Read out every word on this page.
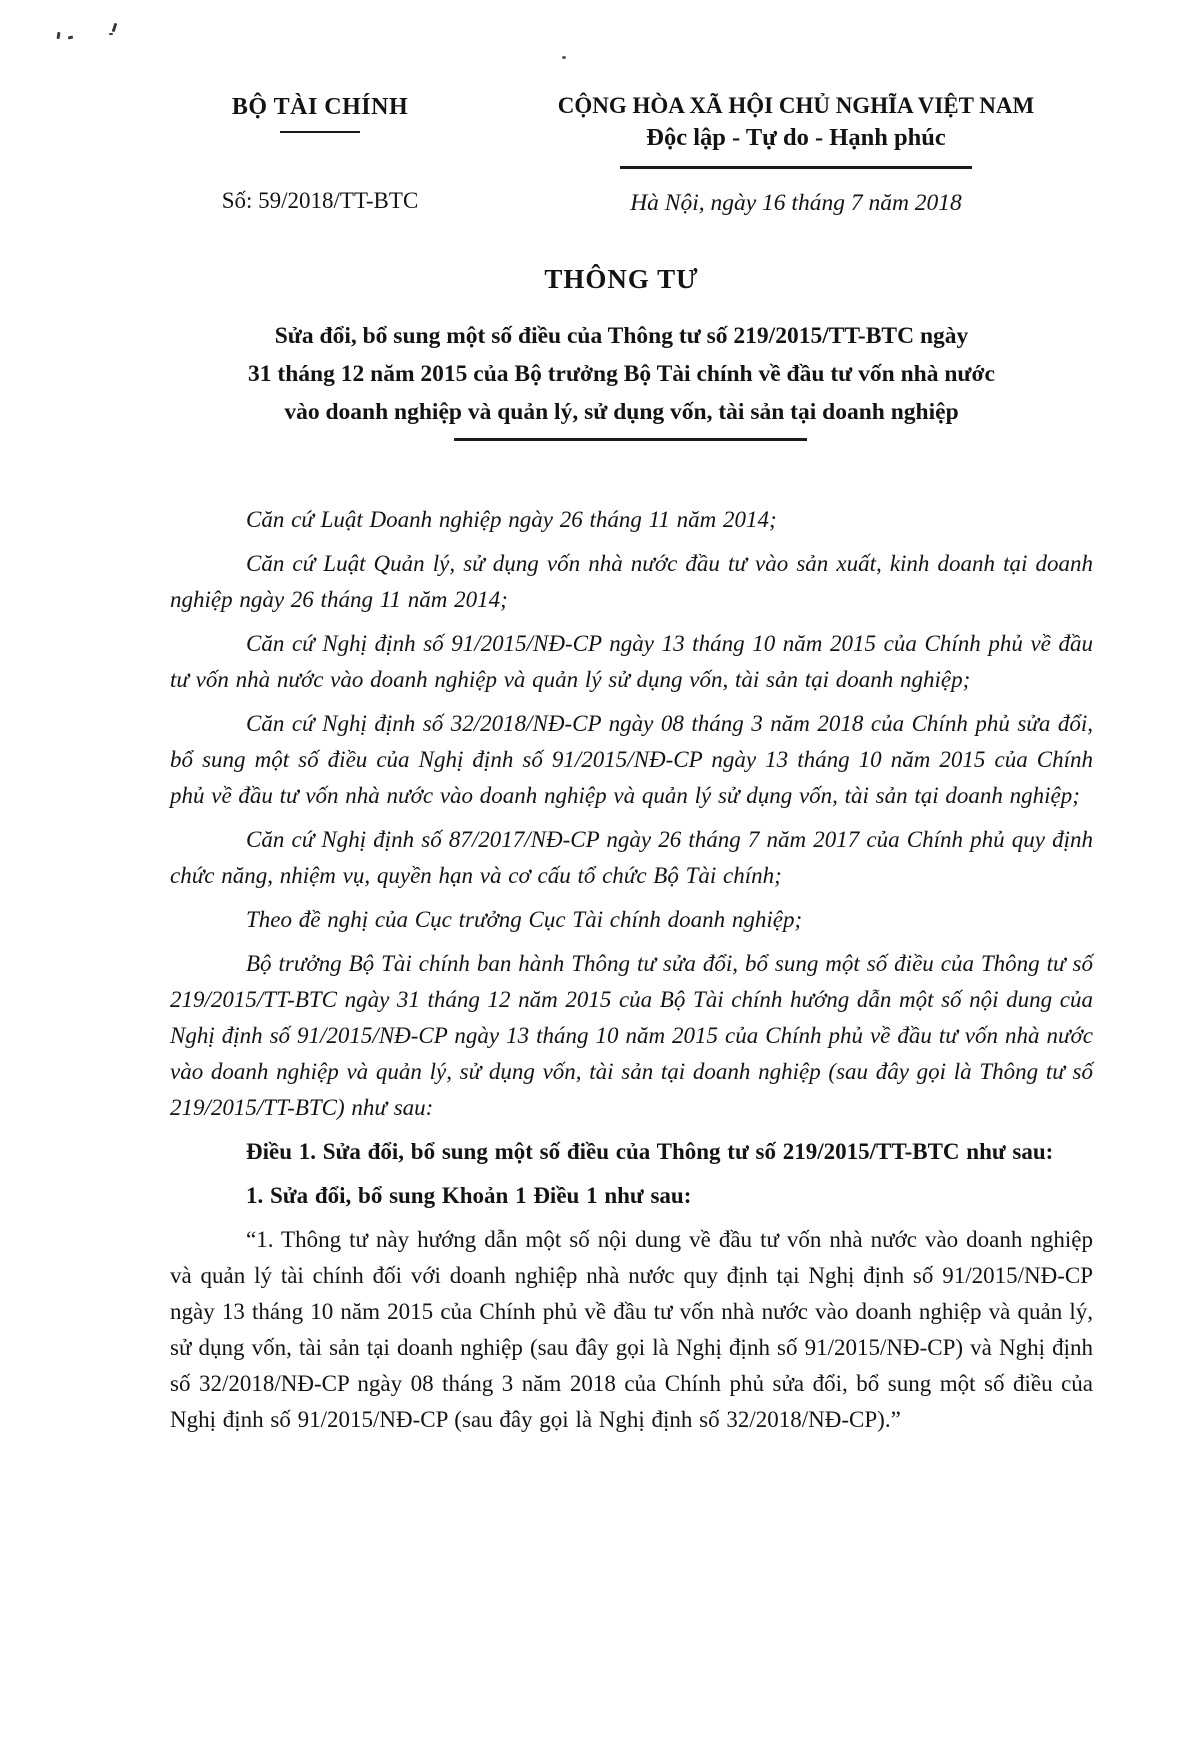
BỘ TÀI CHÍNH
Số: 59/2018/TT-BTC
CỘNG HÒA XÃ HỘI CHỦ NGHĨA VIỆT NAM
Độc lập - Tự do - Hạnh phúc
Hà Nội, ngày 16 tháng 7 năm 2018
THÔNG TƯ
Sửa đổi, bổ sung một số điều của Thông tư số 219/2015/TT-BTC ngày
31 tháng 12 năm 2015 của Bộ trưởng Bộ Tài chính về đầu tư vốn nhà nước
vào doanh nghiệp và quản lý, sử dụng vốn, tài sản tại doanh nghiệp

Căn cứ Luật Doanh nghiệp ngày 26 tháng 11 năm 2014;

Căn cứ Luật Quản lý, sử dụng vốn nhà nước đầu tư vào sản xuất, kinh doanh tại doanh nghiệp ngày 26 tháng 11 năm 2014;

Căn cứ Nghị định số 91/2015/NĐ-CP ngày 13 tháng 10 năm 2015 của Chính phủ về đầu tư vốn nhà nước vào doanh nghiệp và quản lý sử dụng vốn, tài sản tại doanh nghiệp;

Căn cứ Nghị định số 32/2018/NĐ-CP ngày 08 tháng 3 năm 2018 của Chính phủ sửa đổi, bổ sung một số điều của Nghị định số 91/2015/NĐ-CP ngày 13 tháng 10 năm 2015 của Chính phủ về đầu tư vốn nhà nước vào doanh nghiệp và quản lý sử dụng vốn, tài sản tại doanh nghiệp;

Căn cứ Nghị định số 87/2017/NĐ-CP ngày 26 tháng 7 năm 2017 của Chính phủ quy định chức năng, nhiệm vụ, quyền hạn và cơ cấu tổ chức Bộ Tài chính;

Theo đề nghị của Cục trưởng Cục Tài chính doanh nghiệp;

Bộ trưởng Bộ Tài chính ban hành Thông tư sửa đổi, bổ sung một số điều của Thông tư số 219/2015/TT-BTC ngày 31 tháng 12 năm 2015 của Bộ Tài chính hướng dẫn một số nội dung của Nghị định số 91/2015/NĐ-CP ngày 13 tháng 10 năm 2015 của Chính phủ về đầu tư vốn nhà nước vào doanh nghiệp và quản lý, sử dụng vốn, tài sản tại doanh nghiệp (sau đây gọi là Thông tư số 219/2015/TT-BTC) như sau:

Điều 1. Sửa đổi, bổ sung một số điều của Thông tư số 219/2015/TT-BTC như sau:

1. Sửa đổi, bổ sung Khoản 1 Điều 1 như sau:

“1. Thông tư này hướng dẫn một số nội dung về đầu tư vốn nhà nước vào doanh nghiệp và quản lý tài chính đối với doanh nghiệp nhà nước quy định tại Nghị định số 91/2015/NĐ-CP ngày 13 tháng 10 năm 2015 của Chính phủ về đầu tư vốn nhà nước vào doanh nghiệp và quản lý, sử dụng vốn, tài sản tại doanh nghiệp (sau đây gọi là Nghị định số 91/2015/NĐ-CP) và Nghị định số 32/2018/NĐ-CP ngày 08 tháng 3 năm 2018 của Chính phủ sửa đổi, bổ sung một số điều của Nghị định số 91/2015/NĐ-CP (sau đây gọi là Nghị định số 32/2018/NĐ-CP).”
